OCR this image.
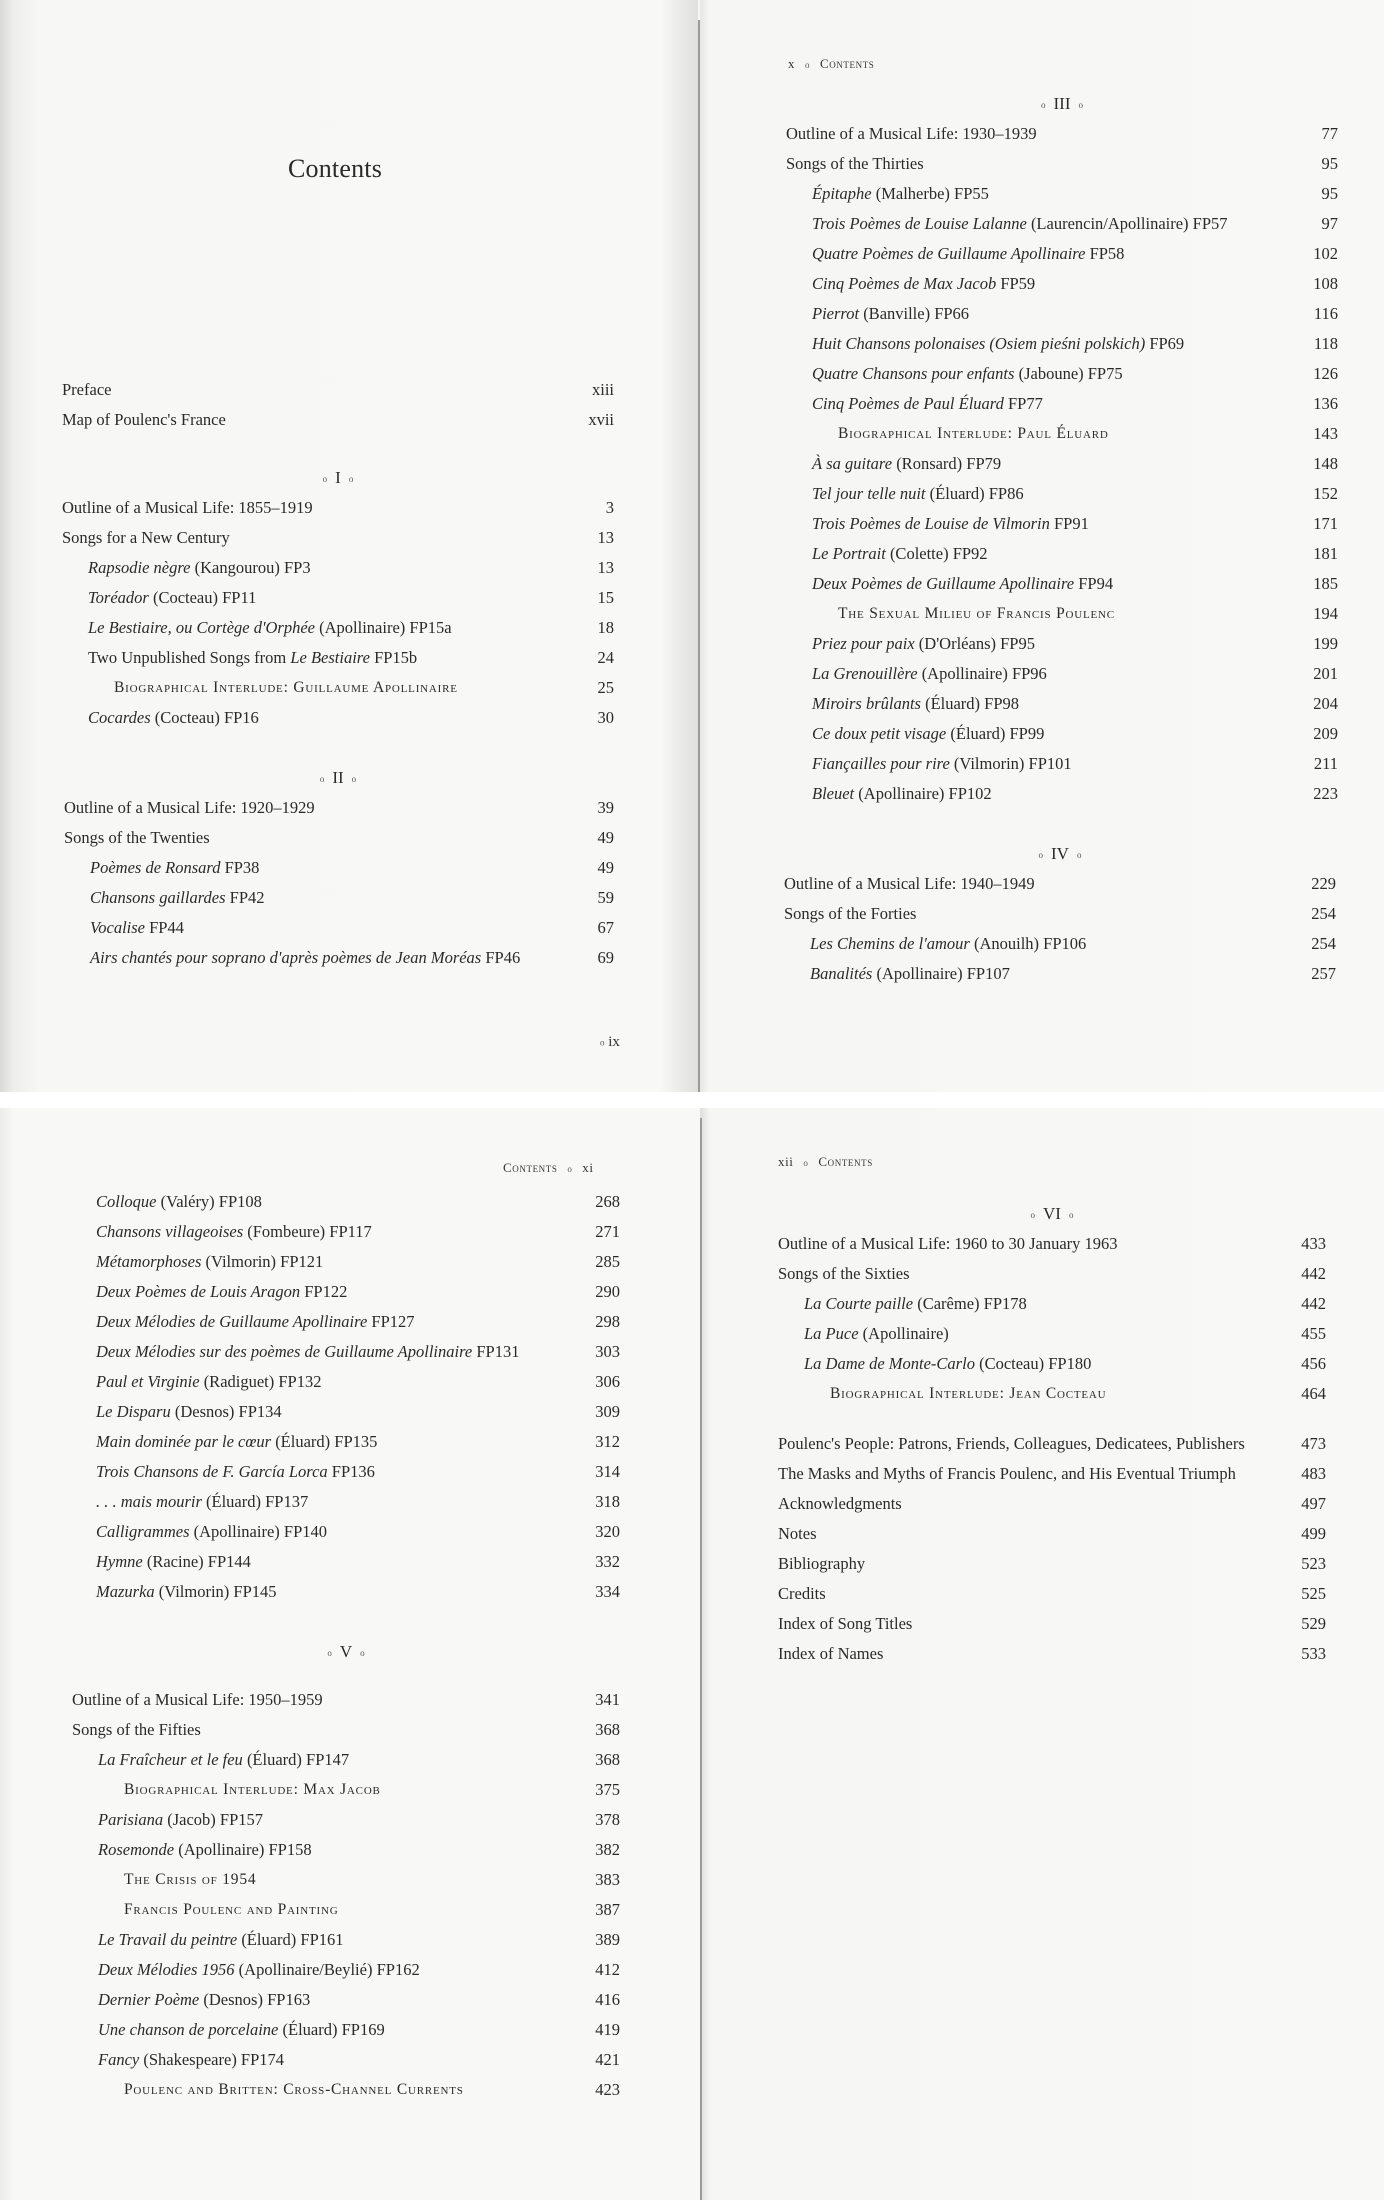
Contents
Preface	xiii
Map of Poulenc's France	xvii
o I o
Outline of a Musical Life: 1855–1919	3
Songs for a New Century	13
Rapsodie nègre (Kangourou) FP3	13
Toréador (Cocteau) FP11	15
Le Bestiaire, ou Cortège d'Orphée (Apollinaire) FP15a	18
Two Unpublished Songs from Le Bestiaire FP15b	24
Biographical Interlude: Guillaume Apollinaire	25
Cocardes (Cocteau) FP16	30
o II o
Outline of a Musical Life: 1920–1929	39
Songs of the Twenties	49
Poèmes de Ronsard FP38	49
Chansons gaillardes FP42	59
Vocalise FP44	67
Airs chantés pour soprano d'après poèmes de Jean Moréas FP46	69
o ix
x o Contents
o III o
Outline of a Musical Life: 1930–1939	77
Songs of the Thirties	95
Épitaphe (Malherbe) FP55	95
Trois Poèmes de Louise Lalanne (Laurencin/Apollinaire) FP57	97
Quatre Poèmes de Guillaume Apollinaire FP58	102
Cinq Poèmes de Max Jacob FP59	108
Pierrot (Banville) FP66	116
Huit Chansons polonaises (Osiem pieśni polskich) FP69	118
Quatre Chansons pour enfants (Jaboune) FP75	126
Cinq Poèmes de Paul Éluard FP77	136
Biographical Interlude: Paul Éluard	143
À sa guitare (Ronsard) FP79	148
Tel jour telle nuit (Éluard) FP86	152
Trois Poèmes de Louise de Vilmorin FP91	171
Le Portrait (Colette) FP92	181
Deux Poèmes de Guillaume Apollinaire FP94	185
The Sexual Milieu of Francis Poulenc	194
Priez pour paix (D'Orléans) FP95	199
La Grenouillère (Apollinaire) FP96	201
Miroirs brûlants (Éluard) FP98	204
Ce doux petit visage (Éluard) FP99	209
Fiançailles pour rire (Vilmorin) FP101	211
Bleuet (Apollinaire) FP102	223
o IV o
Outline of a Musical Life: 1940–1949	229
Songs of the Forties	254
Les Chemins de l'amour (Anouilh) FP106	254
Banalités (Apollinaire) FP107	257
Contents o xi
Colloque (Valéry) FP108	268
Chansons villageoises (Fombeure) FP117	271
Métamorphoses (Vilmorin) FP121	285
Deux Poèmes de Louis Aragon FP122	290
Deux Mélodies de Guillaume Apollinaire FP127	298
Deux Mélodies sur des poèmes de Guillaume Apollinaire FP131	303
Paul et Virginie (Radiguet) FP132	306
Le Disparu (Desnos) FP134	309
Main dominée par le cœur (Éluard) FP135	312
Trois Chansons de F. García Lorca FP136	314
. . . mais mourir (Éluard) FP137	318
Calligrammes (Apollinaire) FP140	320
Hymne (Racine) FP144	332
Mazurka (Vilmorin) FP145	334
o V o
Outline of a Musical Life: 1950–1959	341
Songs of the Fifties	368
La Fraîcheur et le feu (Éluard) FP147	368
Biographical Interlude: Max Jacob	375
Parisiana (Jacob) FP157	378
Rosemonde (Apollinaire) FP158	382
The Crisis of 1954	383
Francis Poulenc and Painting	387
Le Travail du peintre (Éluard) FP161	389
Deux Mélodies 1956 (Apollinaire/Beylié) FP162	412
Dernier Poème (Desnos) FP163	416
Une chanson de porcelaine (Éluard) FP169	419
Fancy (Shakespeare) FP174	421
Poulenc and Britten: Cross-Channel Currents	423
xii o Contents
o VI o
Outline of a Musical Life: 1960 to 30 January 1963	433
Songs of the Sixties	442
La Courte paille (Carême) FP178	442
La Puce (Apollinaire)	455
La Dame de Monte-Carlo (Cocteau) FP180	456
Biographical Interlude: Jean Cocteau	464
Poulenc's People: Patrons, Friends, Colleagues, Dedicatees, Publishers	473
The Masks and Myths of Francis Poulenc, and His Eventual Triumph	483
Acknowledgments	497
Notes	499
Bibliography	523
Credits	525
Index of Song Titles	529
Index of Names	533
